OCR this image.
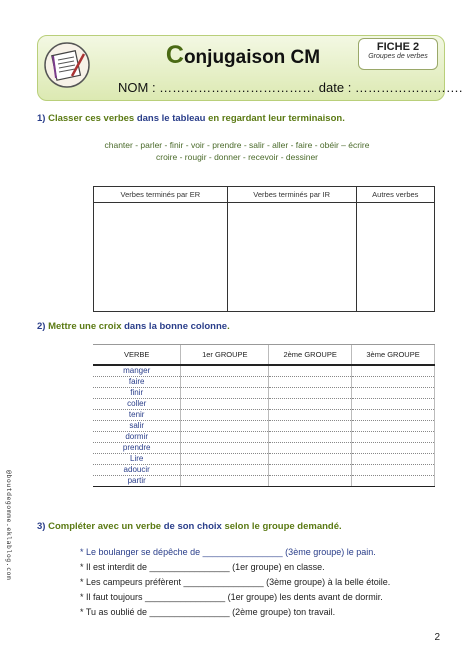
Conjugaison CM	FICHE 2
Groupes de verbes
NOM : ……………………………… date : …………………….
1) Classer ces verbes dans le tableau en regardant leur terminaison.
chanter - parler - finir - voir - prendre - salir - aller - faire - obéir – écrire
croire - rougir - donner - recevoir - dessiner
Verbes terminés par ER	Verbes terminés par IR	Autres verbes

2) Mettre une croix dans la bonne colonne.
VERBE	1er GROUPE	2ème GROUPE	3ème GROUPE
manger			
faire			
finir			
coller			
tenir			
salir			
dormir			
prendre			
Lire			
adoucir			
partir			
3) Compléter avec un verbe de son choix selon le groupe demandé.
* Le boulanger se dépêche de ________________ (3ème groupe) le pain.
* Il est interdit de ________________ (1er groupe) en classe.
* Les campeurs préfèrent ________________ (3ème groupe) à la belle étoile.
* Il faut toujours ________________ (1er groupe) les dents avant de dormir.
* Tu as oublié de ________________ (2ème groupe) ton travail.
@boutdegomme.eklablog.com
2
